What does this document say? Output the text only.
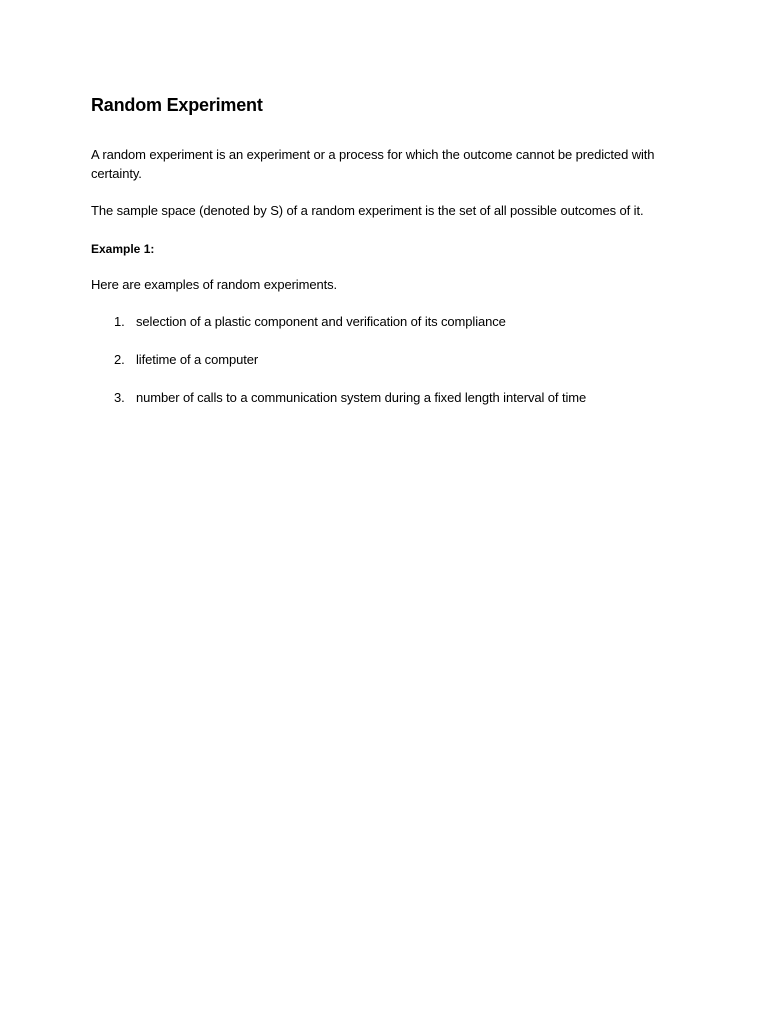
Random Experiment

A random experiment is an experiment or a process for which the outcome cannot be predicted with certainty.

The sample space (denoted by S) of a random experiment is the set of all possible outcomes of it.

Example 1:

Here are examples of random experiments.

1. selection of a plastic component and verification of its compliance
2. lifetime of a computer
3. number of calls to a communication system during a fixed length interval of time
